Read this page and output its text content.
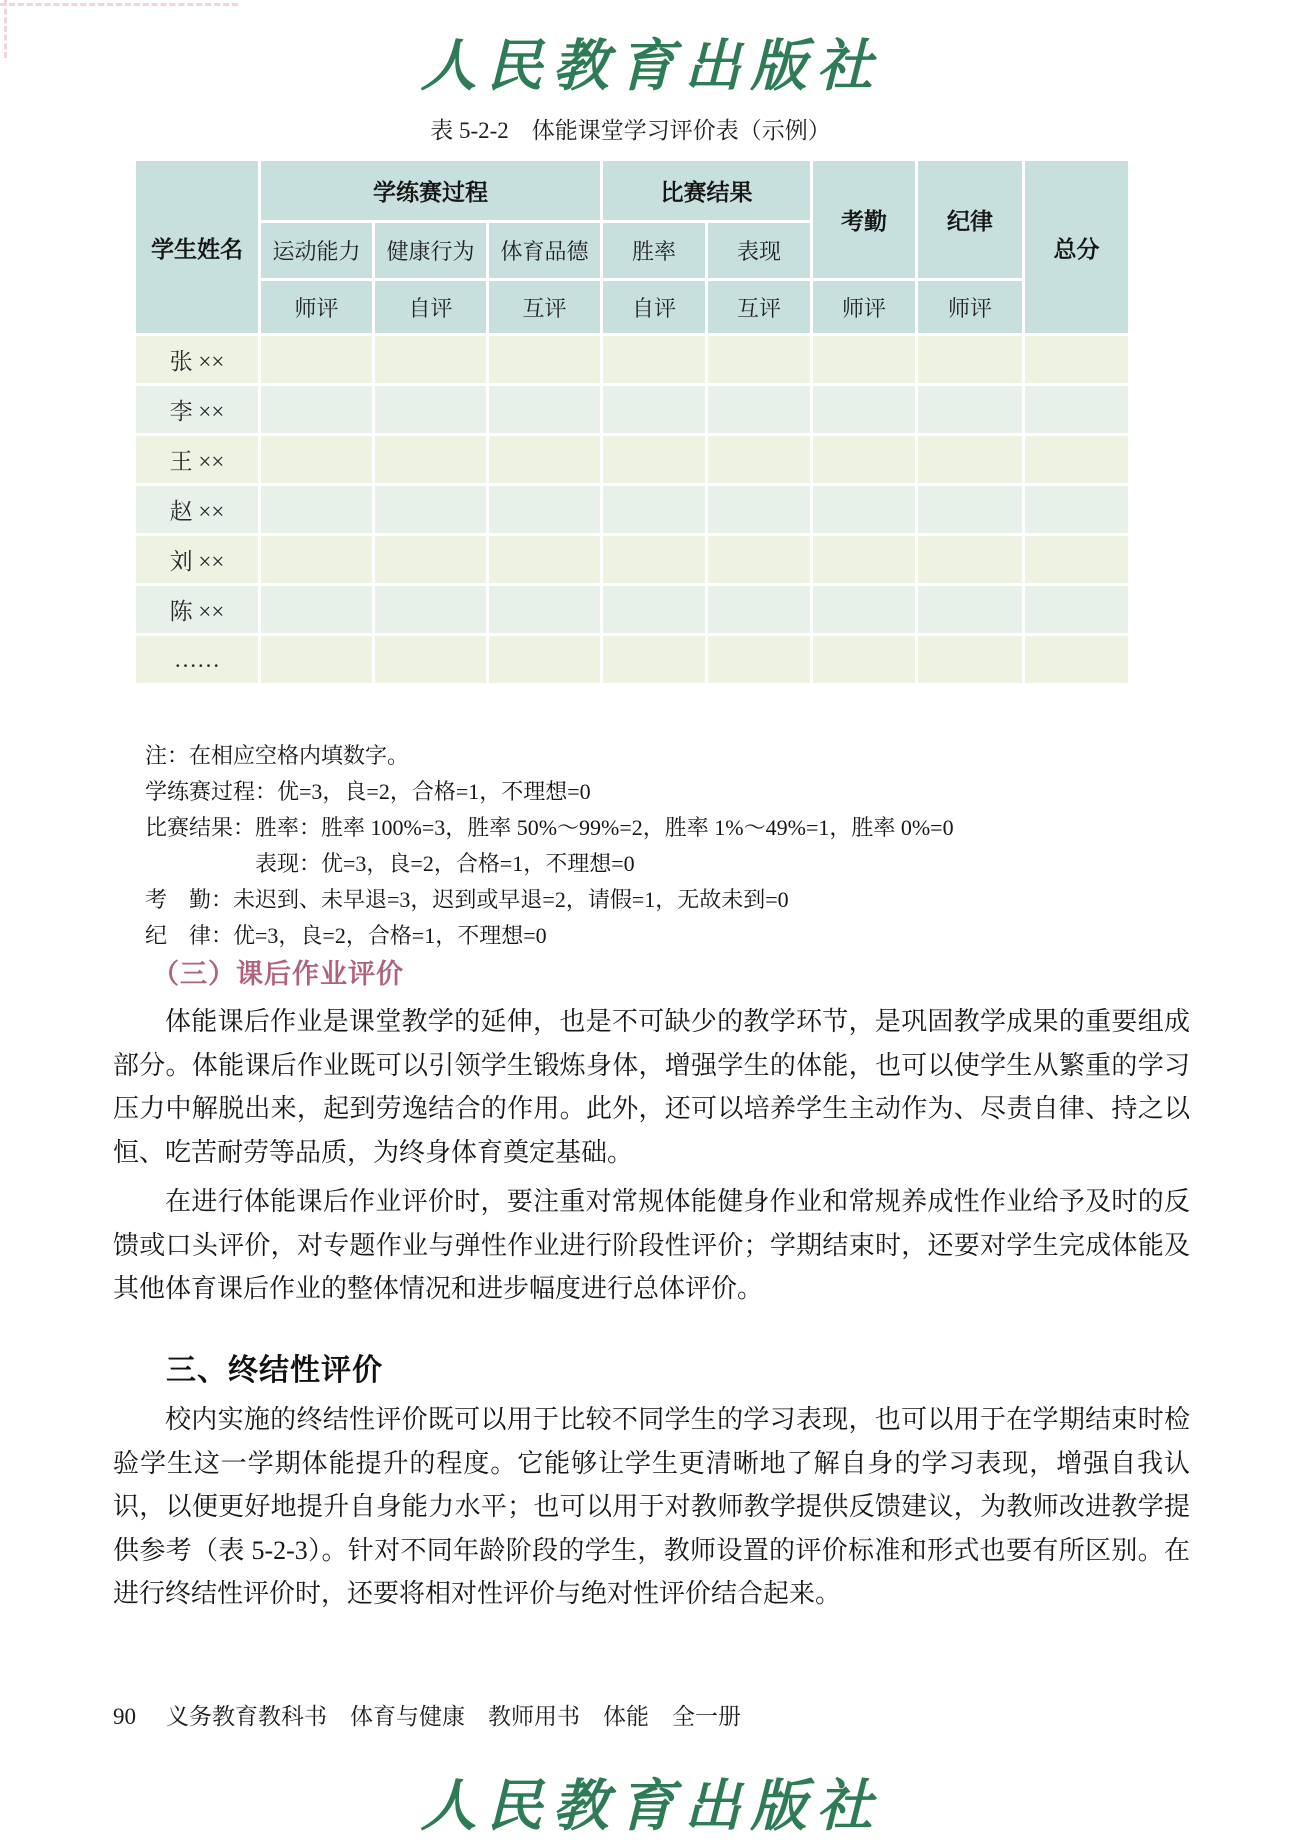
人民教育出版社
表 5-2-2　体能课堂学习评价表（示例）
学生姓名	学练赛过程			比赛结果		考勤	纪律	总分
	运动能力	健康行为	体育品德	胜率	表现			
	师评	自评	互评	自评	互评	师评	师评	
张 ××								
李 ××								
王 ××								
赵 ××								
刘 ××								
陈 ××								
……								
注：在相应空格内填数字。
学练赛过程：优=3，良=2，合格=1，不理想=0
比赛结果：胜率：胜率 100%=3，胜率 50%～99%=2，胜率 1%～49%=1，胜率 0%=0
表现：优=3，良=2，合格=1，不理想=0
考　勤：未迟到、未早退=3，迟到或早退=2，请假=1，无故未到=0
纪　律：优=3，良=2，合格=1，不理想=0
（三）课后作业评价
体能课后作业是课堂教学的延伸，也是不可缺少的教学环节，是巩固教学成果的重要组成部分。体能课后作业既可以引领学生锻炼身体，增强学生的体能，也可以使学生从繁重的学习压力中解脱出来，起到劳逸结合的作用。此外，还可以培养学生主动作为、尽责自律、持之以恒、吃苦耐劳等品质，为终身体育奠定基础。
在进行体能课后作业评价时，要注重对常规体能健身作业和常规养成性作业给予及时的反馈或口头评价，对专题作业与弹性作业进行阶段性评价；学期结束时，还要对学生完成体能及其他体育课后作业的整体情况和进步幅度进行总体评价。
三、终结性评价
校内实施的终结性评价既可以用于比较不同学生的学习表现，也可以用于在学期结束时检验学生这一学期体能提升的程度。它能够让学生更清晰地了解自身的学习表现，增强自我认识，以便更好地提升自身能力水平；也可以用于对教师教学提供反馈建议，为教师改进教学提供参考（表 5-2-3）。针对不同年龄阶段的学生，教师设置的评价标准和形式也要有所区别。在进行终结性评价时，还要将相对性评价与绝对性评价结合起来。
90 义务教育教科书　体育与健康　教师用书　体能　全一册
人民教育出版社
